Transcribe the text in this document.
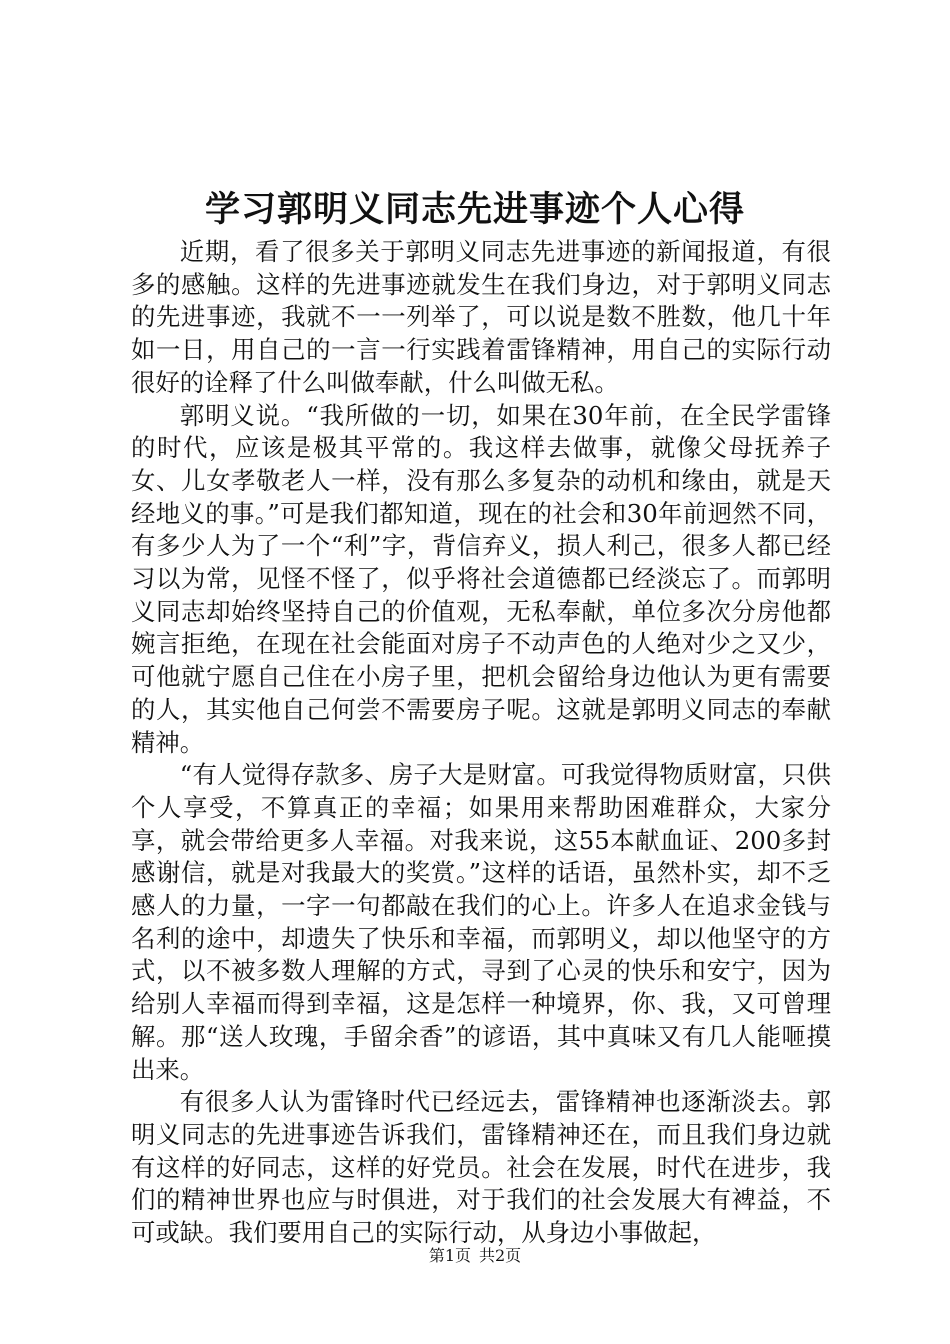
学习郭明义同志先进事迹个人心得

近期，看了很多关于郭明义同志先进事迹的新闻报道，有很多的感触。这样的先进事迹就发生在我们身边，对于郭明义同志的先进事迹，我就不一一列举了，可以说是数不胜数，他几十年如一日，用自己的一言一行实践着雷锋精神，用自己的实际行动很好的诠释了什么叫做奉献，什么叫做无私。

郭明义说。“我所做的一切，如果在30年前，在全民学雷锋的时代，应该是极其平常的。我这样去做事，就像父母抚养子女、儿女孝敬老人一样，没有那么多复杂的动机和缘由，就是天经地义的事。”可是我们都知道，现在的社会和30年前迥然不同，有多少人为了一个“利”字，背信弃义，损人利己，很多人都已经习以为常，见怪不怪了，似乎将社会道德都已经淡忘了。而郭明义同志却始终坚持自己的价值观，无私奉献，单位多次分房他都婉言拒绝，在现在社会能面对房子不动声色的人绝对少之又少，可他就宁愿自己住在小房子里，把机会留给身边他认为更有需要的人，其实他自己何尝不需要房子呢。这就是郭明义同志的奉献精神。

“有人觉得存款多、房子大是财富。可我觉得物质财富，只供个人享受，不算真正的幸福；如果用来帮助困难群众，大家分享，就会带给更多人幸福。对我来说，这55本献血证、200多封感谢信，就是对我最大的奖赏。”这样的话语，虽然朴实，却不乏感人的力量，一字一句都敲在我们的心上。许多人在追求金钱与名利的途中，却遗失了快乐和幸福，而郭明义，却以他坚守的方式，以不被多数人理解的方式，寻到了心灵的快乐和安宁，因为给别人幸福而得到幸福，这是怎样一种境界，你、我，又可曾理解。那“送人玫瑰，手留余香”的谚语，其中真味又有几人能咂摸出来。

有很多人认为雷锋时代已经远去，雷锋精神也逐渐淡去。郭明义同志的先进事迹告诉我们，雷锋精神还在，而且我们身边就有这样的好同志，这样的好党员。社会在发展，时代在进步，我们的精神世界也应与时俱进，对于我们的社会发展大有裨益，不可或缺。我们要用自己的实际行动，从身边小事做起，

第1页 共2页
